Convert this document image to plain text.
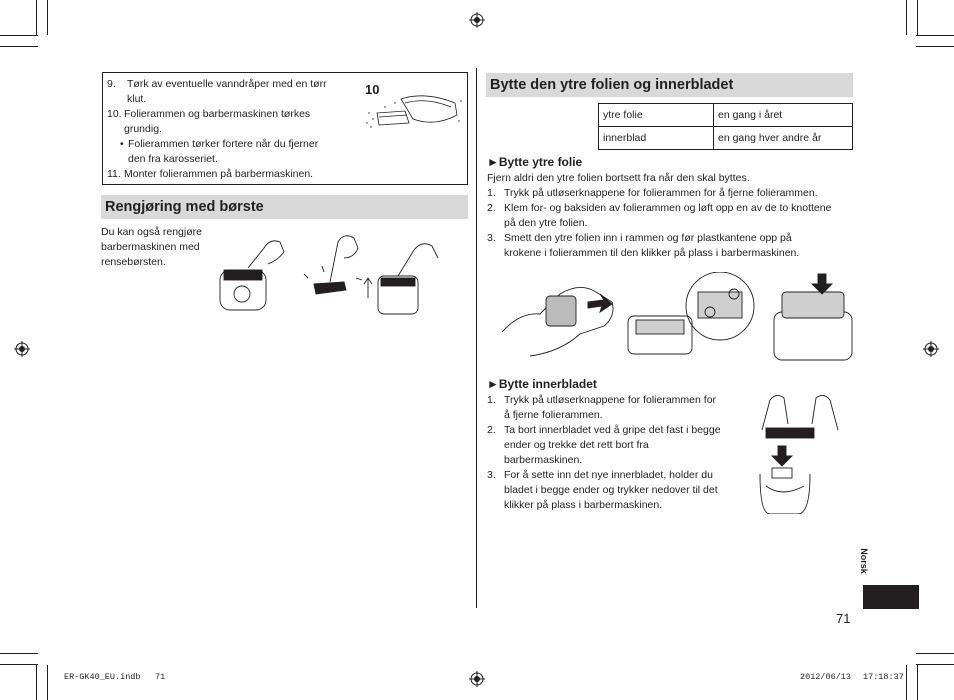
9. Tørk av eventuelle vanndråper med en tørr
klut.
10. Folierammen og barbermaskinen tørkes
grundig.
• Folierammen tørker fortere når du fjerner
den fra karosseriet.
11. Monter folierammen på barbermaskinen.
10
Rengjøring med børste
Du kan også rengjøre
barbermaskinen med
rensebørsten.
Bytte den ytre folien og innerbladet
ytre folie	en gang i året
innerblad	en gang hver andre år
►Bytte ytre folie
Fjern aldri den ytre folien bortsett fra når den skal byttes.
1. Trykk på utløserknappene for folierammen for å fjerne folierammen.
2. Klem for- og baksiden av folierammen og løft opp en av de to knottene
på den ytre folien.
3. Smett den ytre folien inn i rammen og før plastkantene opp på
krokene i folierammen til den klikker på plass i barbermaskinen.
►Bytte innerbladet
1. Trykk på utløserknappene for folierammen for
å fjerne folierammen.
2. Ta bort innerbladet ved å gripe det fast i begge
ender og trekke det rett bort fra
barbermaskinen.
3. For å sette inn det nye innerbladet, holder du
bladet i begge ender og trykker nedover til det
klikker på plass i barbermaskinen.
Norsk
71
ER-GK40_EU.indb 71	2012/06/13 17:18:37
